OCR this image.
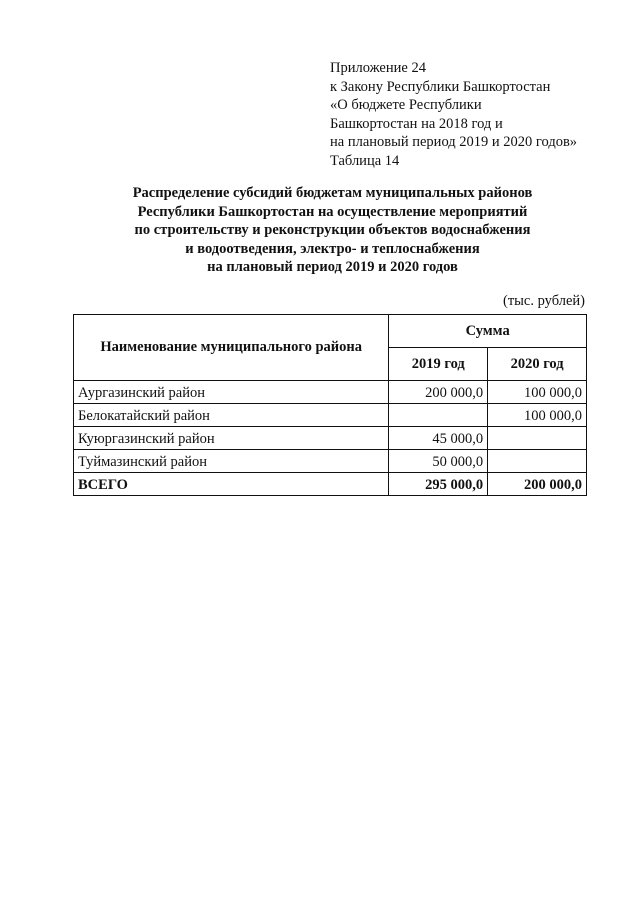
Приложение 24
к Закону Республики Башкортостан
«О бюджете Республики
Башкортостан на 2018 год и
на плановый период 2019 и 2020 годов»
Таблица 14
Распределение субсидий бюджетам муниципальных районов
Республики Башкортостан на осуществление мероприятий
по строительству и реконструкции объектов водоснабжения
и водоотведения, электро- и теплоснабжения
на плановый период 2019 и 2020 годов
(тыс. рублей)
Наименование муниципального района	Сумма	
	2019 год	2020 год
Аургазинский район	200 000,0	100 000,0
Белокатайский район		100 000,0
Куюргазинский район	45 000,0	
Туймазинский район	50 000,0	
ВСЕГО	295 000,0	200 000,0
